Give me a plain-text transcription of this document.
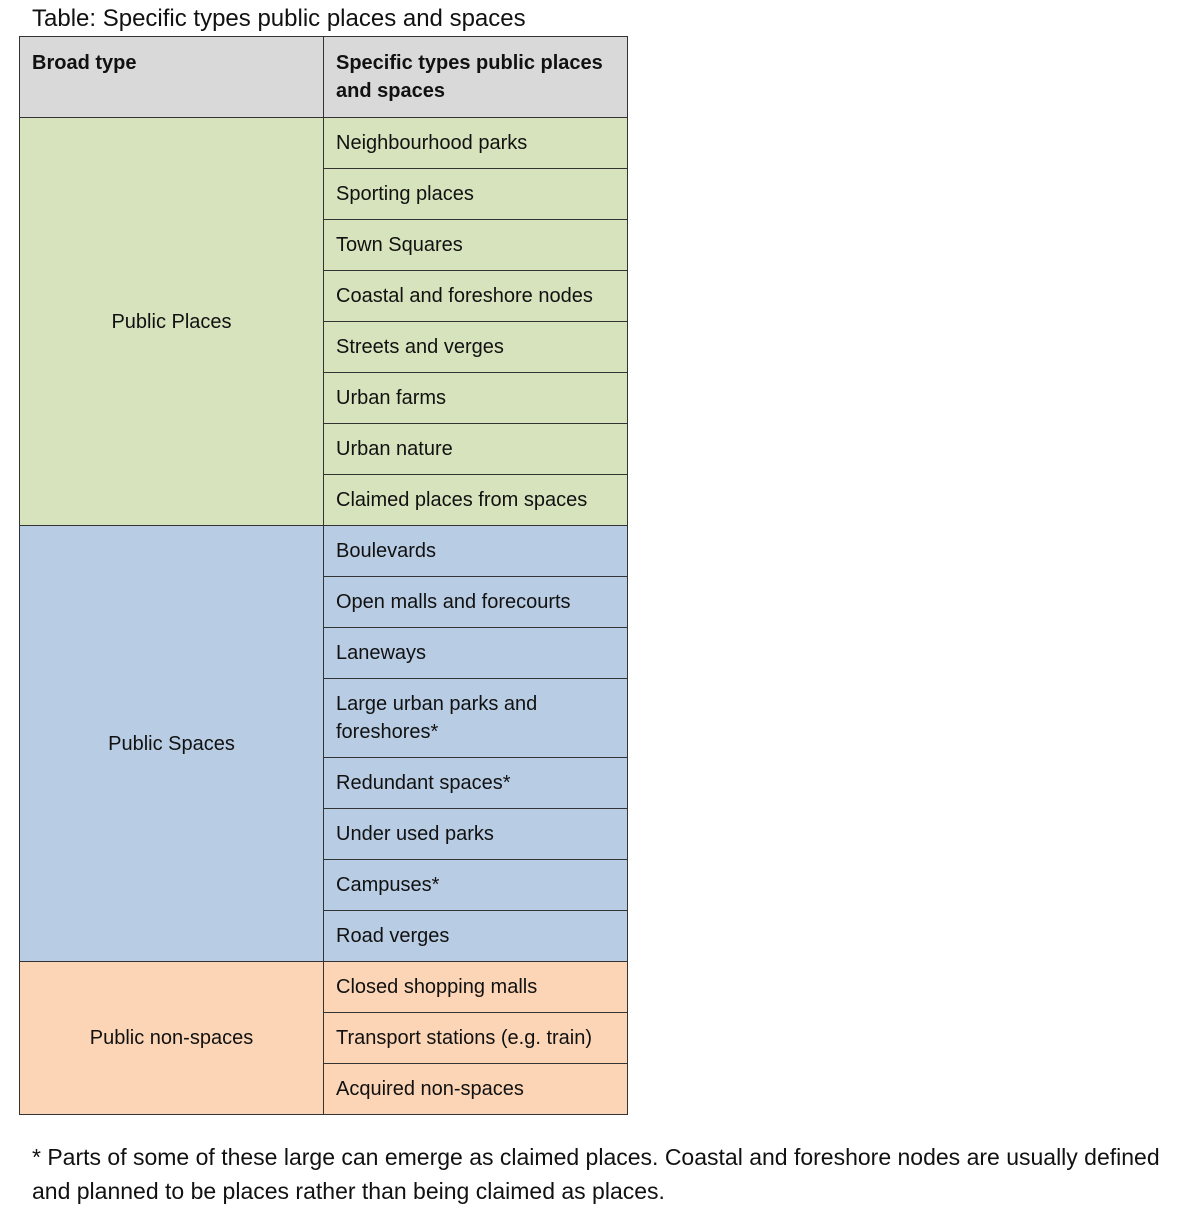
Table: Specific types public places and spaces
Broad type	Specific types public places and spaces
Public Places	Neighbourhood parks
	Sporting places
	Town Squares
	Coastal and foreshore nodes
	Streets and verges
	Urban farms
	Urban nature
	Claimed places from spaces
Public Spaces	Boulevards
	Open malls and forecourts
	Laneways
	Large urban parks and foreshores*
	Redundant spaces*
	Under used parks
	Campuses*
	Road verges
Public non-spaces	Closed shopping malls
	Transport stations (e.g. train)
	Acquired non-spaces
* Parts of some of these large can emerge as claimed places. Coastal and foreshore nodes are usually defined and planned to be places rather than being claimed as places.
